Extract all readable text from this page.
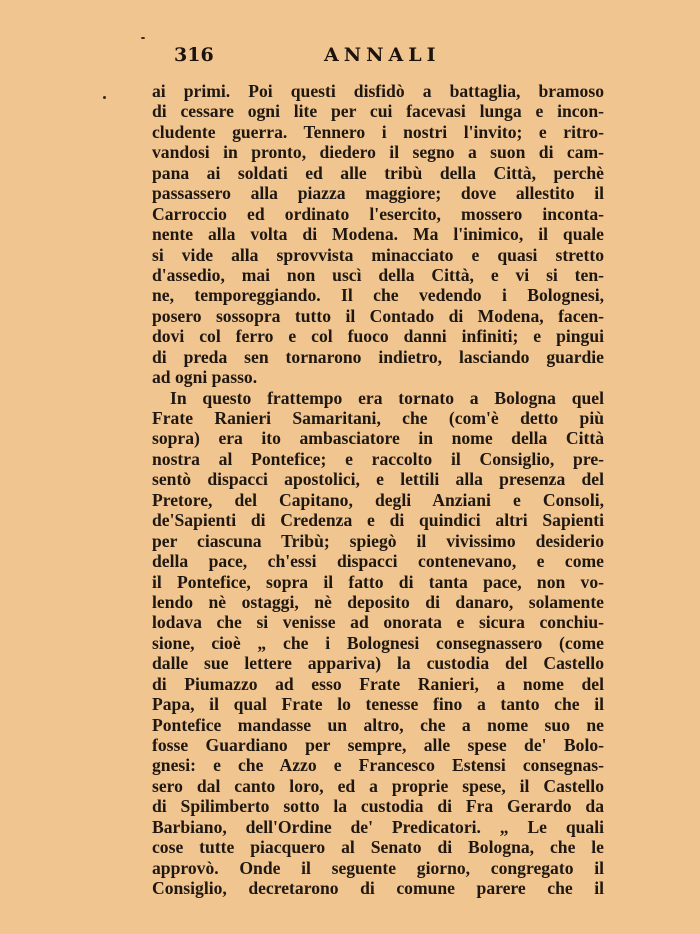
316	ANNALI
ai primi. Poi questi disfidò a battaglia, bramoso
di cessare ogni lite per cui facevasi lunga e incon-
cludente guerra. Tennero i nostri l'invito; e ritro-
vandosi in pronto, diedero il segno a suon di cam-
pana ai soldati ed alle tribù della Città, perchè
passassero alla piazza maggiore; dove allestito il
Carroccio ed ordinato l'esercito, mossero inconta-
nente alla volta di Modena. Ma l'inimico, il quale
si vide alla sprovvista minacciato e quasi stretto
d'assedio, mai non uscì della Città, e vi si ten-
ne, temporeggiando. Il che vedendo i Bolognesi,
posero sossopra tutto il Contado di Modena, facen-
dovi col ferro e col fuoco danni infiniti; e pingui
di preda sen tornarono indietro, lasciando guardie
ad ogni passo.
In questo frattempo era tornato a Bologna quel
Frate Ranieri Samaritani, che (com'è detto più
sopra) era ito ambasciatore in nome della Città
nostra al Pontefice; e raccolto il Consiglio, pre-
sentò dispacci apostolici, e lettili alla presenza del
Pretore, del Capitano, degli Anziani e Consoli,
de'Sapienti di Credenza e di quindici altri Sapienti
per ciascuna Tribù; spiegò il vivissimo desiderio
della pace, ch'essi dispacci contenevano, e come
il Pontefice, sopra il fatto di tanta pace, non vo-
lendo nè ostaggi, nè deposito di danaro, solamente
lodava che si venisse ad onorata e sicura conchiu-
sione, cioè „ che i Bolognesi consegnassero (come
dalle sue lettere appariva) la custodia del Castello
di Piumazzo ad esso Frate Ranieri, a nome del
Papa, il qual Frate lo tenesse fino a tanto che il
Pontefice mandasse un altro, che a nome suo ne
fosse Guardiano per sempre, alle spese de' Bolo-
gnesi: e che Azzo e Francesco Estensi consegnas-
sero dal canto loro, ed a proprie spese, il Castello
di Spilimberto sotto la custodia di Fra Gerardo da
Barbiano, dell'Ordine de' Predicatori. „ Le quali
cose tutte piacquero al Senato di Bologna, che le
approvò. Onde il seguente giorno, congregato il
Consiglio, decretarono di comune parere che il
